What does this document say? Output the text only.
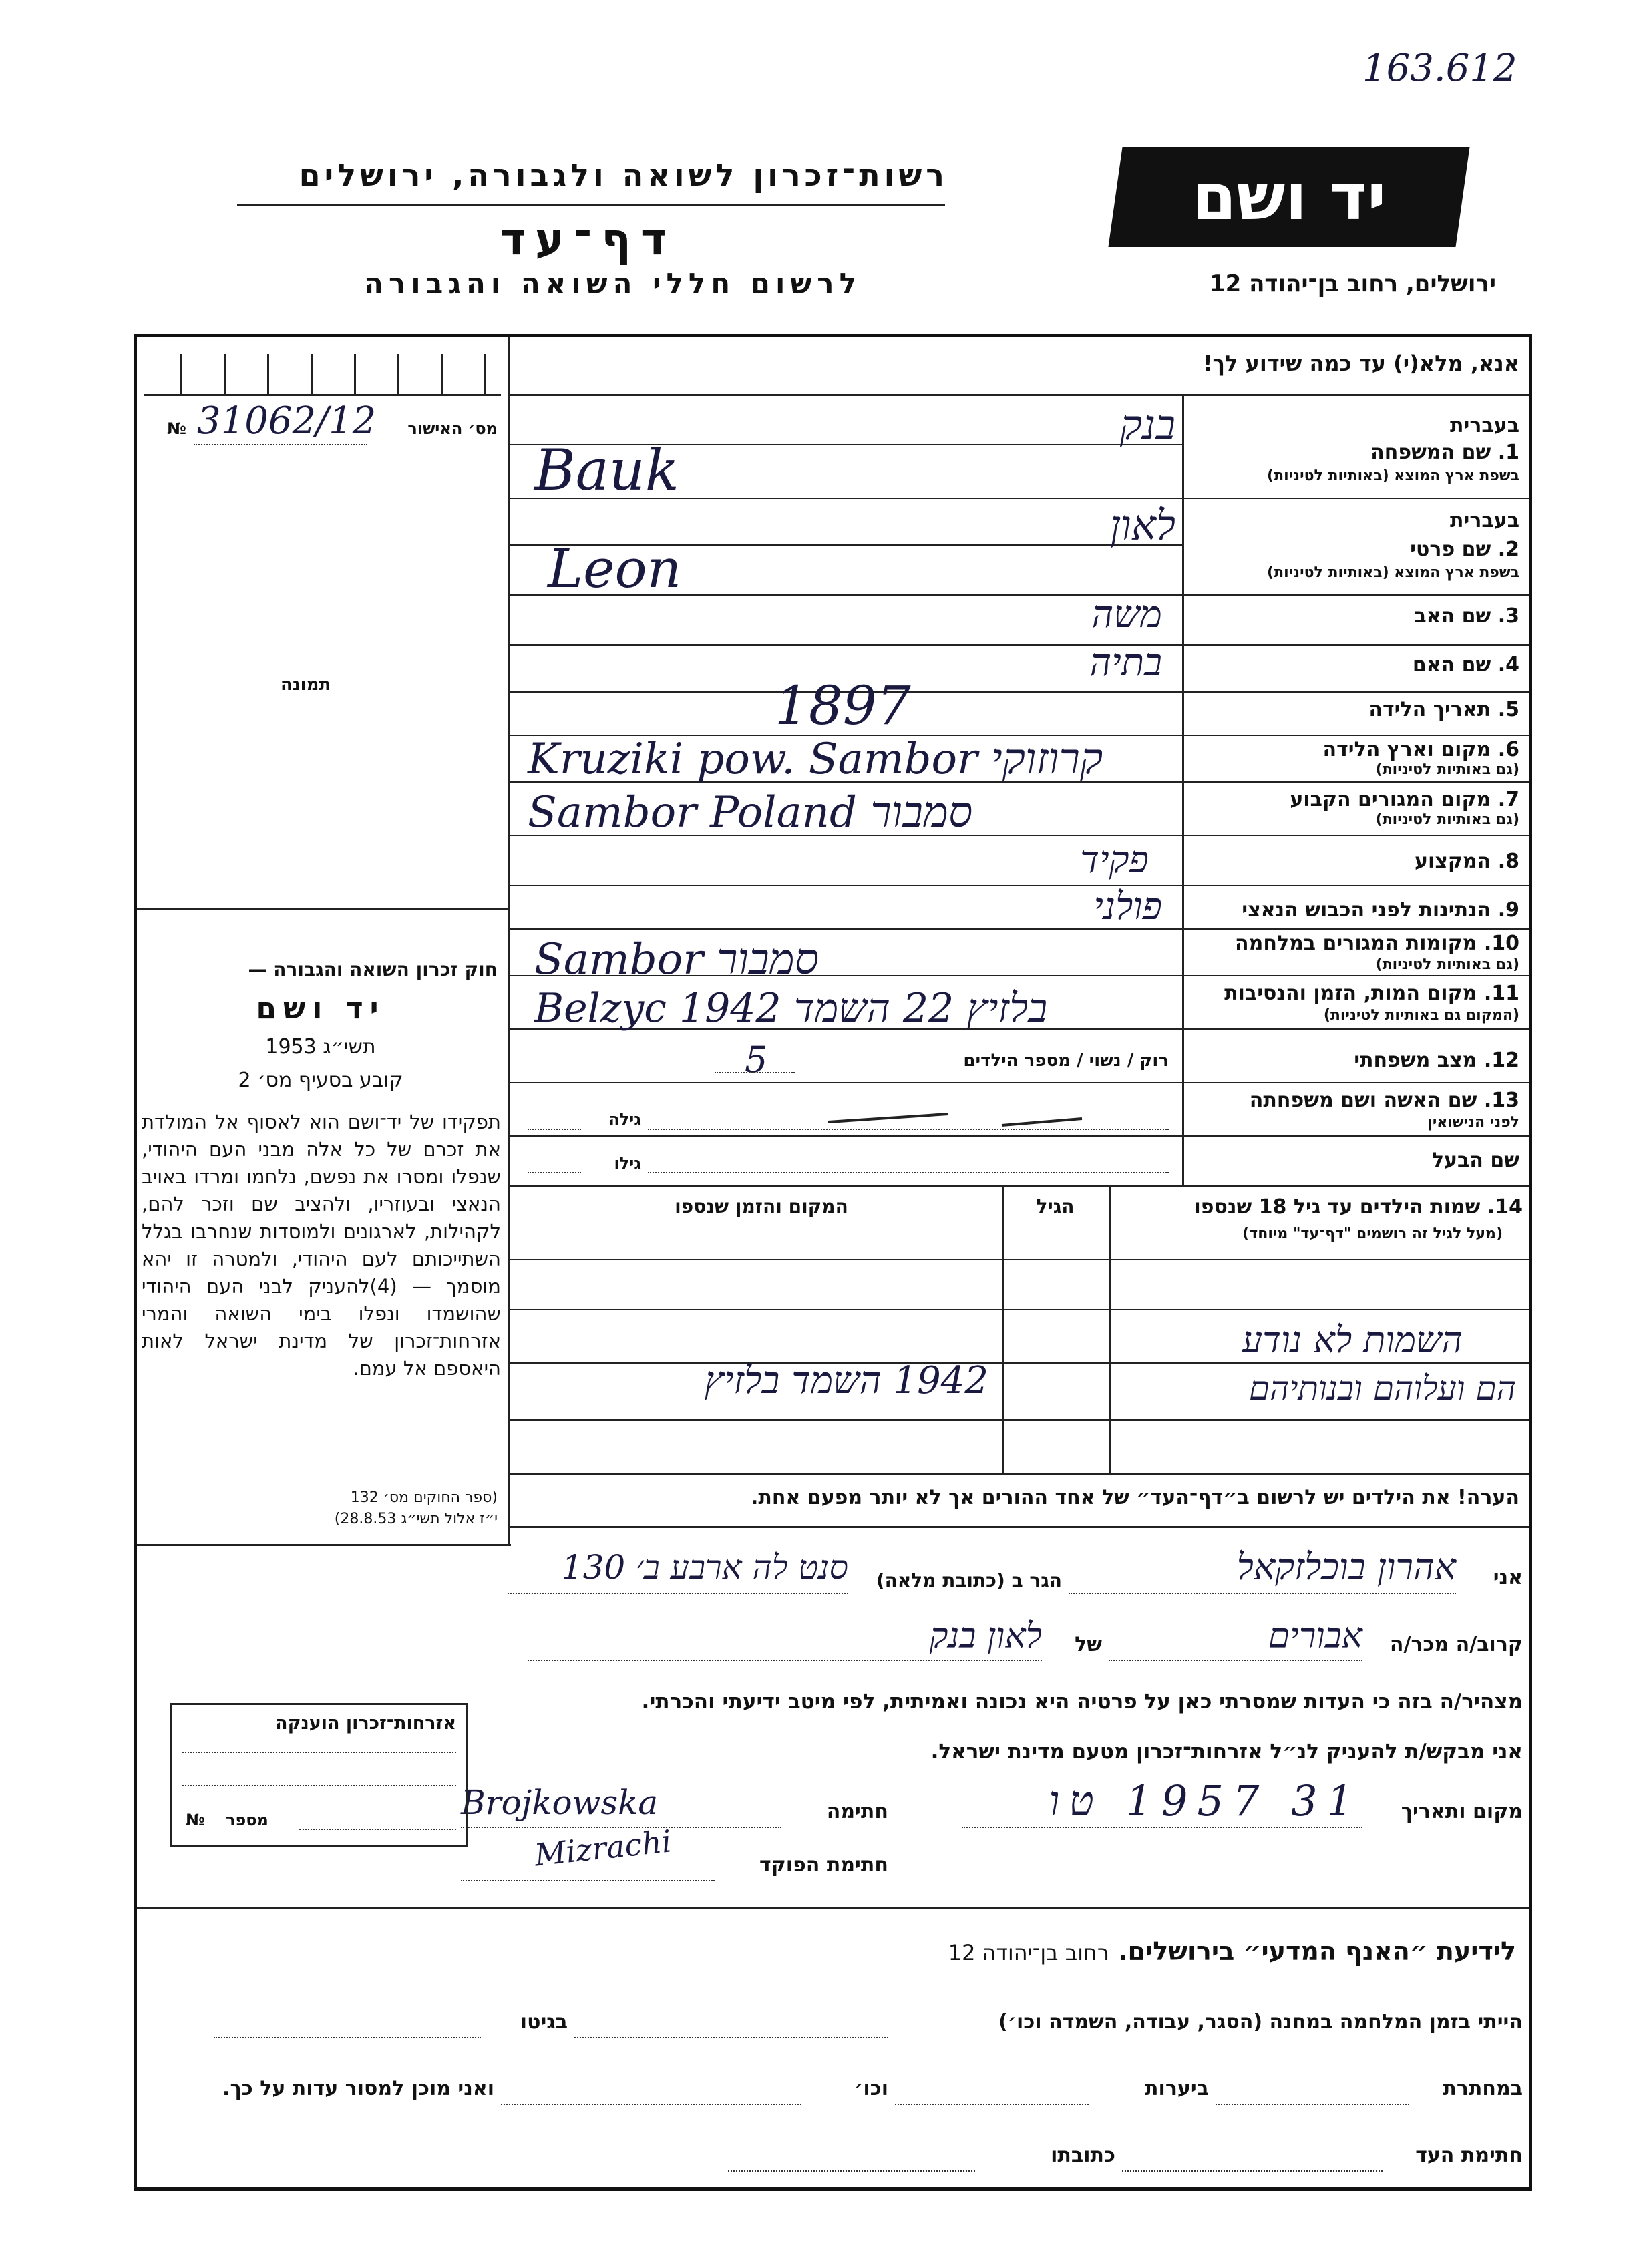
163.612
רשות־זכרון לשואה ולגבורה, ירושלים
דף־עד
לרשום חללי השואה והגבורה
יד ושם
ירושלים, רחוב בן־יהודה 12
№ 31062/12	מס׳ האישור
תמונה
חוק זכרון השואה והגבורה —
יד ושם
תשי״ג 1953
קובע בסעיף מס׳ 2
תפקידו של יד־ושם הוא לאסוף אל המולדת את זכרם של כל אלה מבני העם היהודי, שנפלו ומסרו את נפשם, נלחמו ומרדו באויב הנאצי ובעוזריו, ולהציב שם וזכר להם, לקהילות, לארגונים ולמוסדות שנחרבו בגלל השתייכותם לעם היהודי, ולמטרה זו יהא מוסמך — (4)להעניק לבני העם היהודי שהושמדו ונפלו בימי השואה והמרי אזרחות־זכרון של מדינת ישראל לאות היאספם אל עמם.
(ספר החוקים מס׳ 132
י״ז אלול תשי״ג 28.8.53)
אנא, מלא(י) עד כמה שידוע לך!
בעברית
1. שם המשפחה
בשפת ארץ המוצא (באותיות לטיניות)
בנק
Bauk
בעברית
2. שם פרטי
בשפת ארץ המוצא (באותיות לטיניות)
לאון
Leon
3. שם האב
משה
4. שם האם
בתיה
5. תאריך הלידה
1897
6. מקום וארץ הלידה
(גם באותיות לטיניות)
Kruziki pow. Sambor קרוזוקי
7. מקום המגורים הקבוע
(גם באותיות לטיניות)
Sambor Poland סמבור
8. המקצוע
פקיד
9. הנתינות לפני הכבוש הנאצי
פולני
10. מקומות המגורים במלחמה
(גם באותיות לטיניות)
Sambor סמבור
11. מקום המות, הזמן והנסיבות
(המקום גם באותיות לטיניות)
Belzyc 1942 בלזיץ 22 השמד
12. מצב משפחתי
רוק / נשוי / מספר הילדים
5
13. שם האשה ושם משפחתה
לפני הנישואין
גילה
שם הבעל
גילו
14. שמות הילדים עד גיל 18 שנספו
(מעל לגיל זה רושמים "דף־עד" מיוחד)
הגיל
המקום והזמן שנספו
השמות לא נודע
הם ועלוהם ובנותיהם
1942 השמד בלזיץ
הערה! את הילדים יש לרשום ב״דף־העד״ של אחד ההורים אך לא יותר מפעם אחת.
אני
אהרון בוכלזקאל
הגר ב (כתובת מלאה)
סנט לה ארבע ב׳ 130
קרוב/ה מכר/ה
אבורים
של
לאון בנק
מצהיר/ה בזה כי העדות שמסרתי כאן על פרטיה היא נכונה ואמיתית, לפי מיטב ידיעתי והכרתי.
אני מבקש/ת להעניק לנ״ל אזרחות־זכרון מטעם מדינת ישראל.
מקום ותאריך
31 1957 טו
חתימה
Brojkowska
חתימת הפוקד
Mizrachi
אזרחות־זכרון הוענקה
№ מספר
לידיעת ״האנף המדעי״ בירושלים. רחוב בן־יהודה 12
הייתי בזמן המלחמה במחנה (הסגר, עבודה, השמדה וכו׳)
בגיטו
במחתרת
ביערות
וכו׳
ואני מוכן למסור עדות על כך.
חתימת העד
כתובתו
